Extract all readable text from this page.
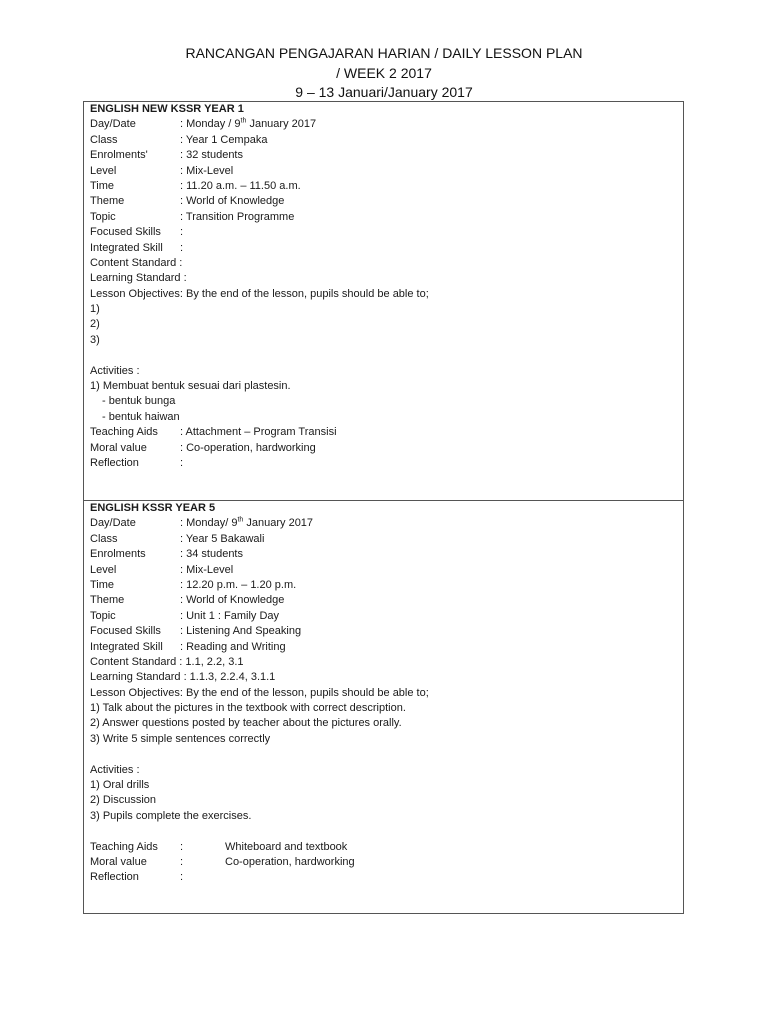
RANCANGAN PENGAJARAN HARIAN / DAILY LESSON PLAN
/ WEEK 2 2017
9 – 13 Januari/January 2017
ENGLISH NEW KSSR YEAR 1
Day/Date	: Monday / 9th January 2017
Class	: Year 1 Cempaka
Enrolments'	: 32 students
Level	: Mix-Level
Time	: 11.20 a.m. – 11.50 a.m.
Theme	: World of Knowledge
Topic	: Transition Programme
Focused Skills :
Integrated Skill :
Content Standard :
Learning Standard :
Lesson Objectives: By the end of the lesson, pupils should be able to;
1)
2)
3)
Activities :
1) Membuat bentuk sesuai dari plastesin.
- bentuk bunga
- bentuk haiwan
Teaching Aids : Attachment – Program Transisi
Moral value	: Co-operation, hardworking
Reflection	:
ENGLISH KSSR YEAR 5
Day/Date	: Monday/ 9th January 2017
Class	: Year 5 Bakawali
Enrolments	: 34 students
Level	: Mix-Level
Time	: 12.20 p.m. – 1.20 p.m.
Theme	: World of Knowledge
Topic	: Unit 1 : Family Day
Focused Skills : Listening And Speaking
Integrated Skill : Reading and Writing
Content Standard : 1.1, 2.2, 3.1
Learning Standard : 1.1.3, 2.2.4, 3.1.1
Lesson Objectives: By the end of the lesson, pupils should be able to;
1) Talk about the pictures in the textbook with correct description.
2) Answer questions posted by teacher about the pictures orally.
3) Write 5 simple sentences correctly
Activities :
1) Oral drills
2) Discussion
3) Pupils complete the exercises.
Teaching Aids :	Whiteboard and textbook
Moral value	:	Co-operation, hardworking
Reflection	:
